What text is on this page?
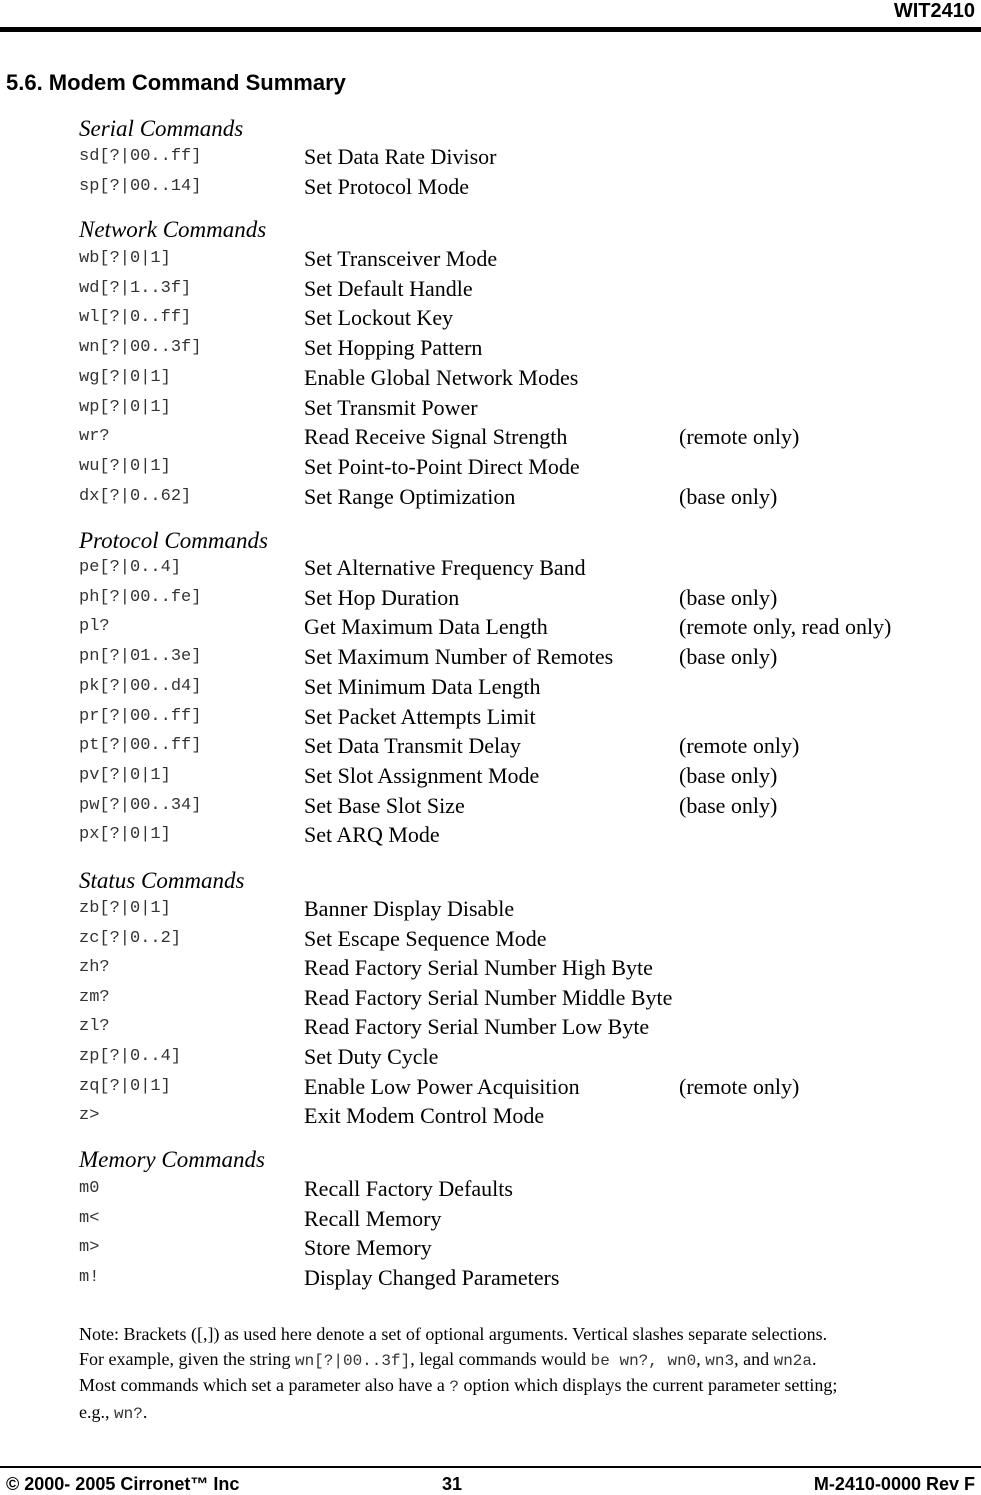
WIT2410
5.6. Modem Command Summary
Serial Commands
sd[?|00..ff]	Set Data Rate Divisor
sp[?|00..14]	Set Protocol Mode
Network Commands
wb[?|0|1]	Set Transceiver Mode
wd[?|1..3f]	Set Default Handle
wl[?|0..ff]	Set Lockout Key
wn[?|00..3f]	Set Hopping Pattern
wg[?|0|1]	Enable Global Network Modes
wp[?|0|1]	Set Transmit Power
wr?	Read Receive Signal Strength	(remote only)
wu[?|0|1]	Set Point-to-Point Direct Mode
dx[?|0..62]	Set Range Optimization	(base only)
Protocol Commands
pe[?|0..4]	Set Alternative Frequency Band
ph[?|00..fe]	Set Hop Duration	(base only)
pl?	Get Maximum Data Length	(remote only, read only)
pn[?|01..3e]	Set Maximum Number of Remotes	(base only)
pk[?|00..d4]	Set Minimum Data Length
pr[?|00..ff]	Set Packet Attempts Limit
pt[?|00..ff]	Set Data Transmit Delay	(remote only)
pv[?|0|1]	Set Slot Assignment Mode	(base only)
pw[?|00..34]	Set Base Slot Size	(base only)
px[?|0|1]	Set ARQ Mode
Status Commands
zb[?|0|1]	Banner Display Disable
zc[?|0..2]	Set Escape Sequence Mode
zh?	Read Factory Serial Number High Byte
zm?	Read Factory Serial Number Middle Byte
zl?	Read Factory Serial Number Low Byte
zp[?|0..4]	Set Duty Cycle
zq[?|0|1]	Enable Low Power Acquisition	(remote only)
z>	Exit Modem Control Mode
Memory Commands
m0	Recall Factory Defaults
m<	Recall Memory
m>	Store Memory
m!	Display Changed Parameters
Note: Brackets ([,]) as used here denote a set of optional arguments. Vertical slashes separate selections.
For example, given the string wn[?|00..3f], legal commands would be wn?, wn0, wn3, and wn2a.
Most commands which set a parameter also have a ? option which displays the current parameter setting;
e.g., wn?.
© 2000- 2005 Cirronet™ Inc	31	M-2410-0000 Rev F
